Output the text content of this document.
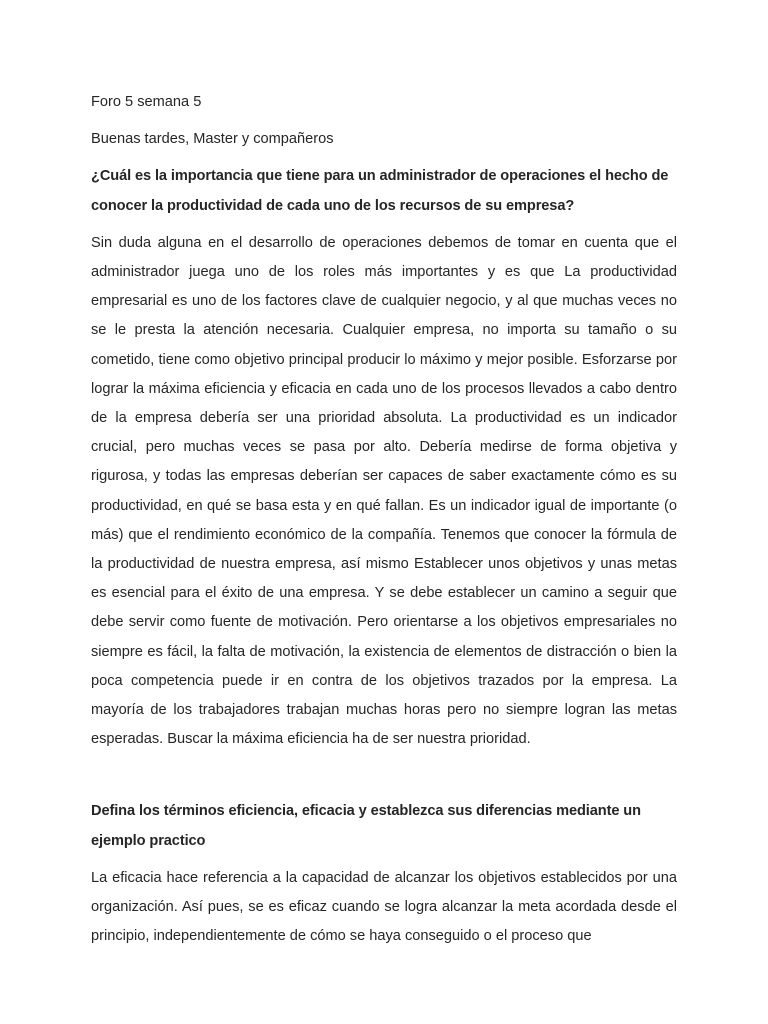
Foro 5 semana 5

Buenas tardes, Master y compañeros

¿Cuál es la importancia que tiene para un administrador de operaciones el hecho de conocer la productividad de cada uno de los recursos de su empresa?

Sin duda alguna en el desarrollo de operaciones debemos de tomar en cuenta que el administrador juega uno de los roles más importantes y es que La productividad empresarial es uno de los factores clave de cualquier negocio, y al que muchas veces no se le presta la atención necesaria. Cualquier empresa, no importa su tamaño o su cometido, tiene como objetivo principal producir lo máximo y mejor posible. Esforzarse por lograr la máxima eficiencia y eficacia en cada uno de los procesos llevados a cabo dentro de la empresa debería ser una prioridad absoluta. La productividad es un indicador crucial, pero muchas veces se pasa por alto. Debería medirse de forma objetiva y rigurosa, y todas las empresas deberían ser capaces de saber exactamente cómo es su productividad, en qué se basa esta y en qué fallan. Es un indicador igual de importante (o más) que el rendimiento económico de la compañía. Tenemos que conocer la fórmula de la productividad de nuestra empresa, así mismo Establecer unos objetivos y unas metas es esencial para el éxito de una empresa. Y se debe establecer un camino a seguir que debe servir como fuente de motivación. Pero orientarse a los objetivos empresariales no siempre es fácil, la falta de motivación, la existencia de elementos de distracción o bien la poca competencia puede ir en contra de los objetivos trazados por la empresa. La mayoría de los trabajadores trabajan muchas horas pero no siempre logran las metas esperadas. Buscar la máxima eficiencia ha de ser nuestra prioridad.

Defina los términos eficiencia, eficacia y establezca sus diferencias mediante un ejemplo practico

La eficacia hace referencia a la capacidad de alcanzar los objetivos establecidos por una organización. Así pues, se es eficaz cuando se logra alcanzar la meta acordada desde el principio, independientemente de cómo se haya conseguido o el proceso que
